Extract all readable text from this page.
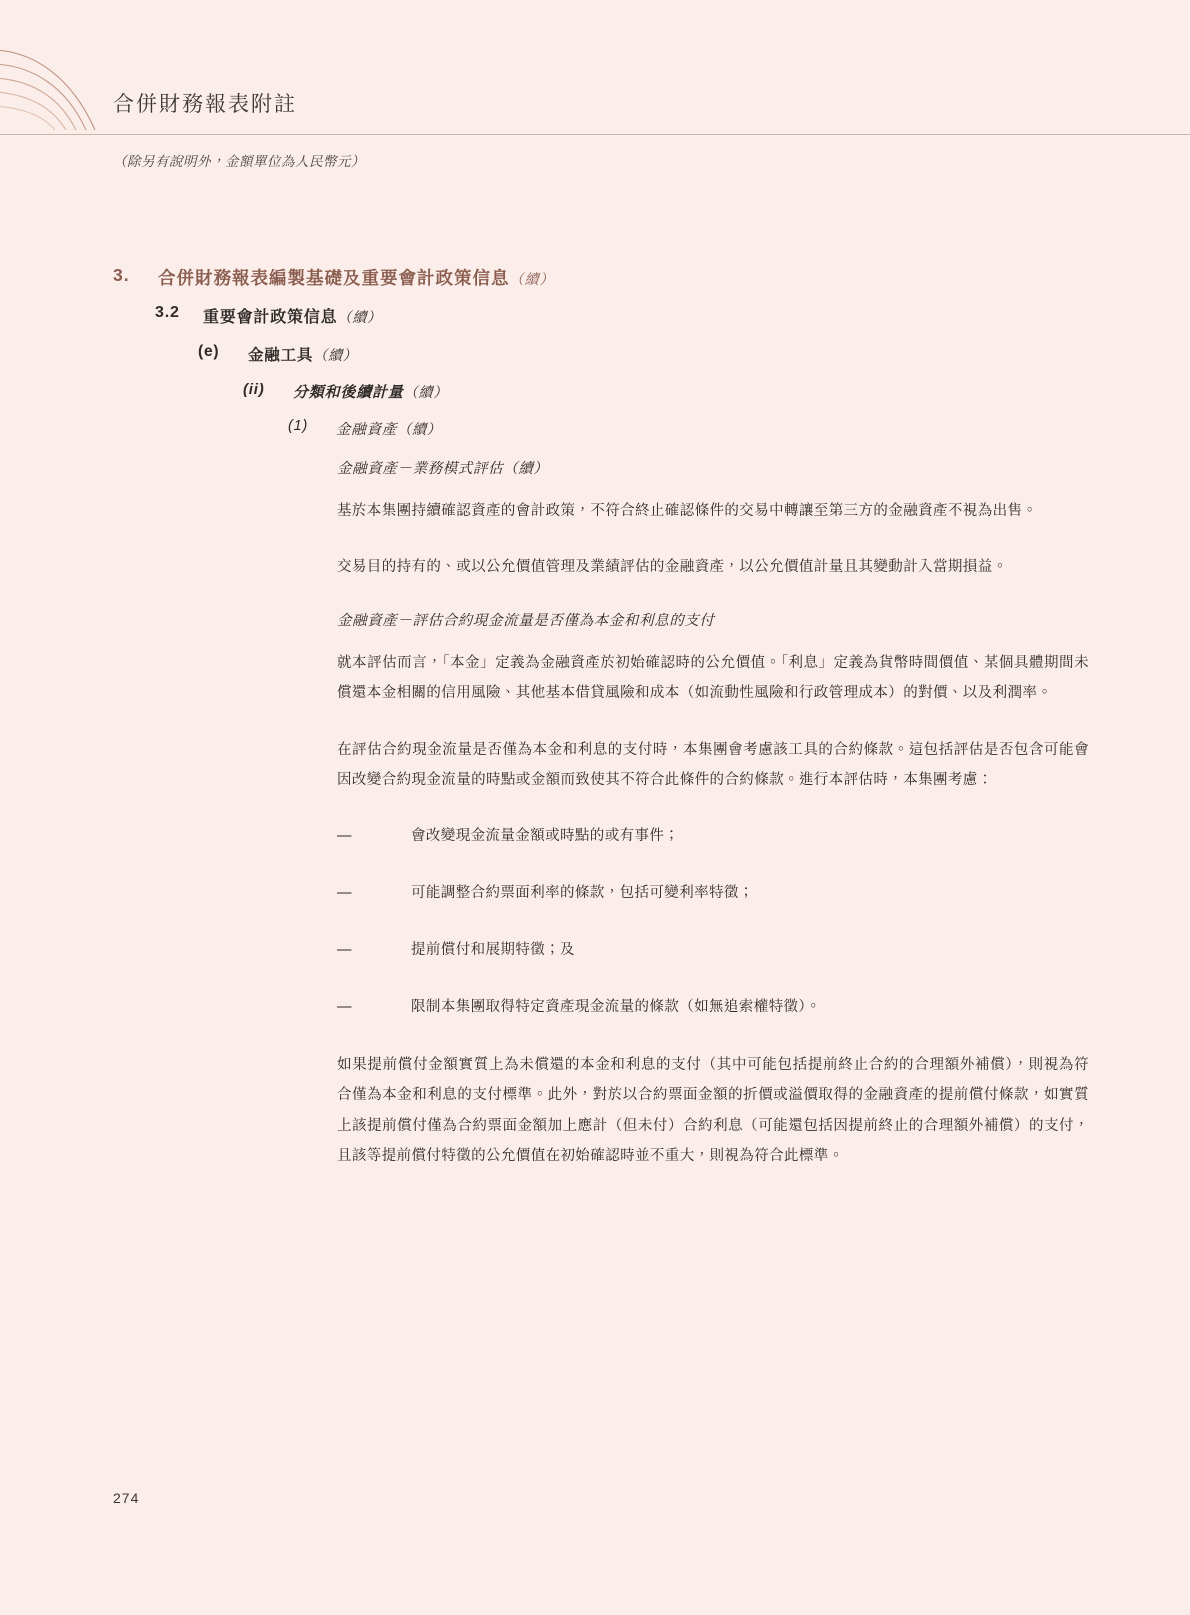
合併財務報表附註
（除另有說明外，金額單位為人民幣元）
3. 合併財務報表編製基礎及重要會計政策信息（續）
3.2 重要會計政策信息（續）
(e) 金融工具（續）
(ii) 分類和後續計量（續）
(1) 金融資產（續）
金融資產－業務模式評估（續）

基於本集團持續確認資產的會計政策，不符合終止確認條件的交易中轉讓至第三方的金融資產不視為出售。

交易目的持有的、或以公允價值管理及業績評估的金融資產，以公允價值計量且其變動計入當期損益。

金融資產－評估合約現金流量是否僅為本金和利息的支付

就本評估而言，「本金」定義為金融資產於初始確認時的公允價值。「利息」定義為貨幣時間價值、某個具體期間未償還本金相關的信用風險、其他基本借貸風險和成本（如流動性風險和行政管理成本）的對價、以及利潤率。

在評估合約現金流量是否僅為本金和利息的支付時，本集團會考慮該工具的合約條款。這包括評估是否包含可能會因改變合約現金流量的時點或金額而致使其不符合此條件的合約條款。進行本評估時，本集團考慮：

—	會改變現金流量金額或時點的或有事件；
—	可能調整合約票面利率的條款，包括可變利率特徵；
—	提前償付和展期特徵；及
—	限制本集團取得特定資產現金流量的條款（如無追索權特徵）。

如果提前償付金額實質上為未償還的本金和利息的支付（其中可能包括提前終止合約的合理額外補償），則視為符合僅為本金和利息的支付標準。此外，對於以合約票面金額的折價或溢價取得的金融資產的提前償付條款，如實質上該提前償付僅為合約票面金額加上應計（但未付）合約利息（可能還包括因提前終止的合理額外補償）的支付，且該等提前償付特徵的公允價值在初始確認時並不重大，則視為符合此標準。

274
